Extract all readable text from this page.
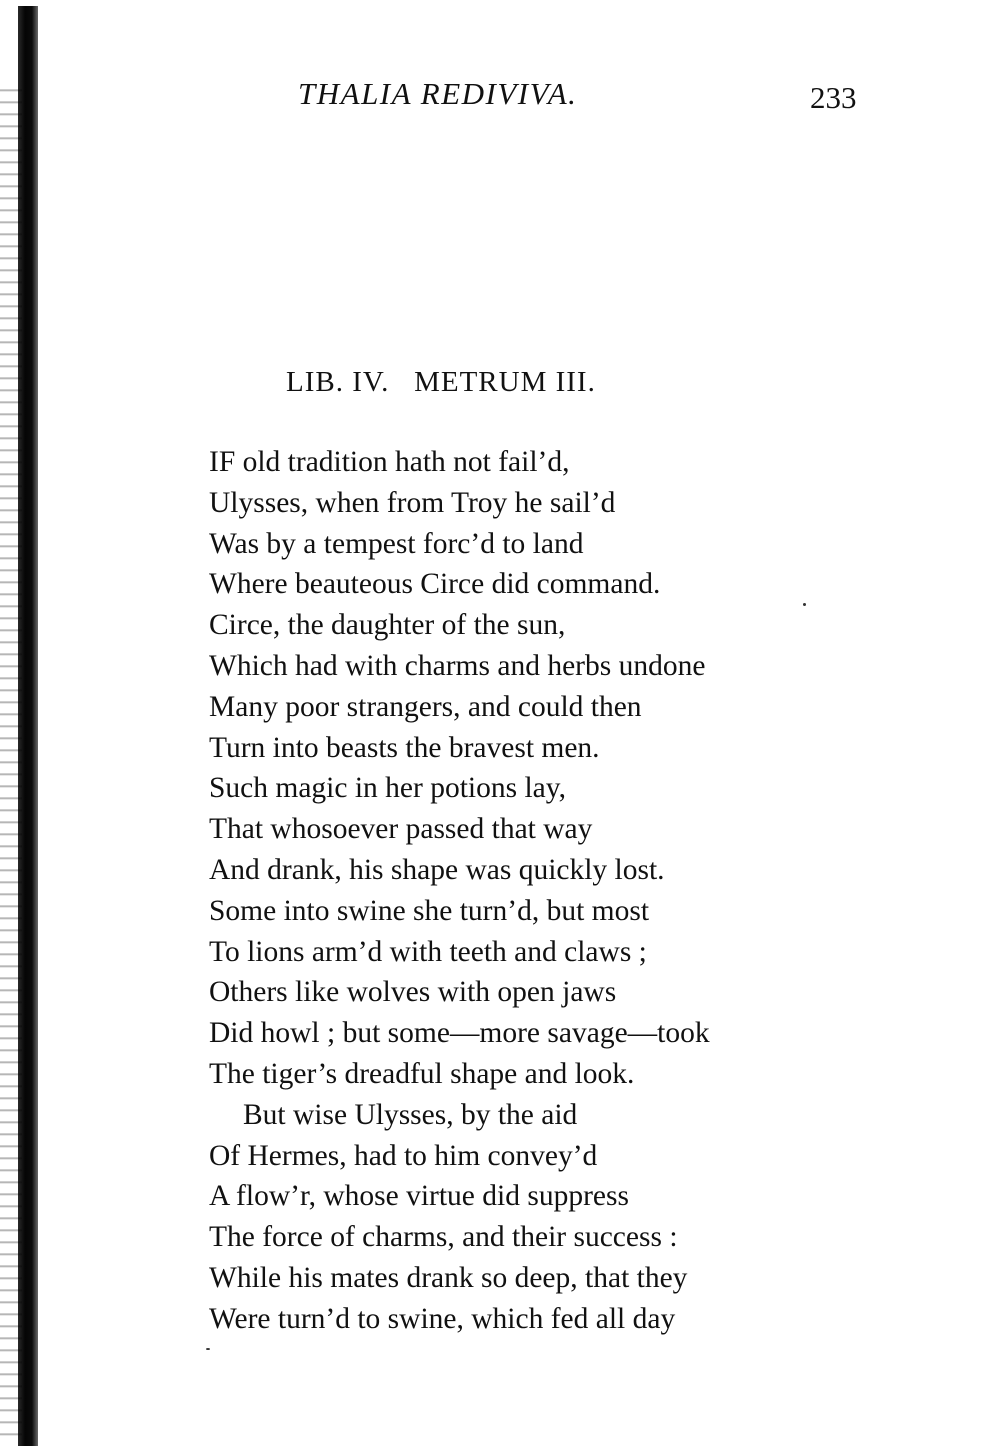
THALIA REDIVIVA.	233
LIB. IV.   METRUM III.
IF old tradition hath not fail’d,
Ulysses, when from Troy he sail’d
Was by a tempest forc’d to land
Where beauteous Circe did command.
Circe, the daughter of the sun,
Which had with charms and herbs undone
Many poor strangers, and could then
Turn into beasts the bravest men.
Such magic in her potions lay,
That whosoever passed that way
And drank, his shape was quickly lost.
Some into swine she turn’d, but most
To lions arm’d with teeth and claws ;
Others like wolves with open jaws
Did howl ; but some—more savage—took
The tiger’s dreadful shape and look.
But wise Ulysses, by the aid
Of Hermes, had to him convey’d
A flow’r, whose virtue did suppress
The force of charms, and their success :
While his mates drank so deep, that they
Were turn’d to swine, which fed all day
